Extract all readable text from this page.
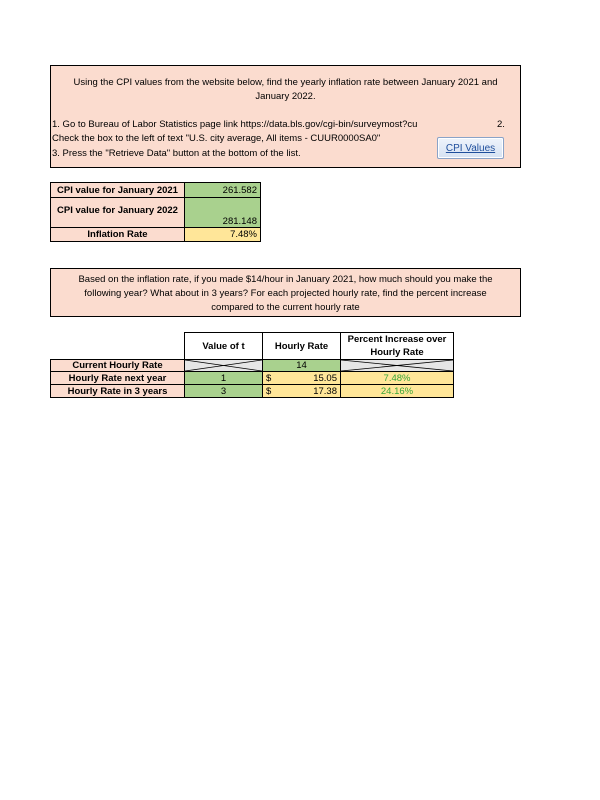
Using the CPI values from the website below, find the yearly inflation rate between January 2021 and
January 2022.
1. Go to Bureau of Labor Statistics page link https://data.bls.gov/cgi-bin/surveymost?cu	2.
Check the box to the left of text "U.S. city average, All items - CUUR0000SA0"
3. Press the "Retrieve Data" button at the bottom of the list.	CPI Values
CPI value for January 2021	261.582
CPI value for January 2022	281.148
Inflation Rate	7.48%
Based on the inflation rate, if you made $14/hour in January 2021, how much should you make the
following year? What about in 3 years? For each projected hourly rate, find the percent increase
compared to the current hourly rate
	Value of t	Hourly Rate	Percent Increase over
Hourly Rate

Current Hourly Rate		14	

Hourly Rate next year	1	$ 15.05	7.48%
Hourly Rate in 3 years	3	$ 17.38	24.16%
